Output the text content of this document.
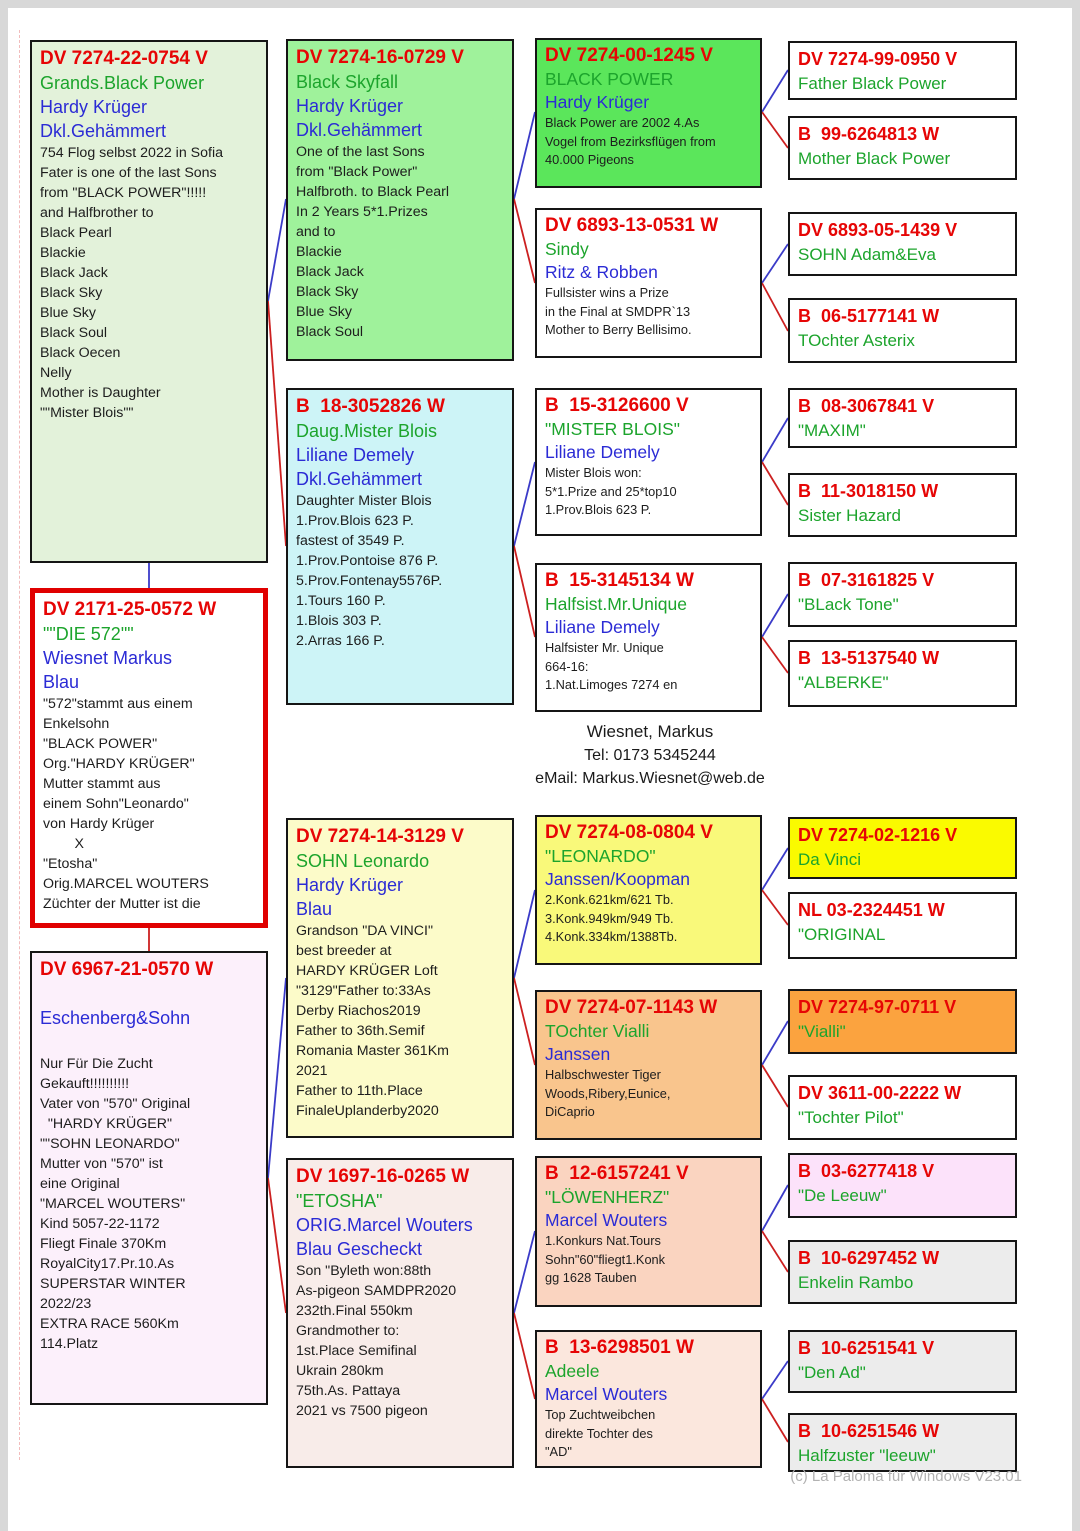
DV 7274-22-0754 V
Grands.Black Power
Hardy Krüger
Dkl.Gehämmert
754 Flog selbst 2022 in Sofia
Fater is one of the last Sons
from "BLACK POWER"!!!!!
and Halfbrother to
Black Pearl
Blackie
Black Jack
Black Sky
Blue Sky
Black Soul
Black Oecen
Nelly
Mother is Daughter
""Mister Blois""
DV 2171-25-0572 W
""DIE 572""
Wiesnet Markus
Blau
"572"stammt aus einem
Enkelsohn
"BLACK POWER"
Org."HARDY KRÜGER"
Mutter stammt aus
einem Sohn"Leonardo"
von Hardy Krüger
X
"Etosha"
Orig.MARCEL WOUTERS
Züchter der Mutter ist die
DV 6967-21-0570 W

Eschenberg&Sohn

Nur Für Die Zucht
Gekauft!!!!!!!!!!
Vater von "570" Original
"HARDY KRÜGER"
""SOHN LEONARDO"
Mutter von "570" ist
eine Original
"MARCEL WOUTERS"
Kind 5057-22-1172
Fliegt Finale 370Km
RoyalCity17.Pr.10.As
SUPERSTAR WINTER
2022/23
EXTRA RACE 560Km
114.Platz
DV 7274-16-0729 V
Black Skyfall
Hardy Krüger
Dkl.Gehämmert
One of the last Sons
from "Black Power"
Halfbroth. to Black Pearl
In 2 Years 5*1.Prizes
and to
Blackie
Black Jack
Black Sky
Blue Sky
Black Soul
B  18-3052826 W
Daug.Mister Blois
Liliane Demely
Dkl.Gehämmert
Daughter Mister Blois
1.Prov.Blois 623 P.
fastest of 3549 P.
1.Prov.Pontoise 876 P.
5.Prov.Fontenay5576P.
1.Tours 160 P.
1.Blois 303 P.
2.Arras 166 P.
DV 7274-14-3129 V
SOHN Leonardo
Hardy Krüger
Blau
Grandson "DA VINCI"
best breeder at
HARDY KRÜGER Loft
"3129"Father to:33As
Derby Riachos2019
Father to 36th.Semif
Romania Master 361Km
2021
Father to 11th.Place
FinaleUplanderby2020
DV 1697-16-0265 W
"ETOSHA"
ORIG.Marcel Wouters
Blau Gescheckt
Son "Byleth won:88th
As-pigeon SAMDPR2020
232th.Final 550km
Grandmother to:
1st.Place Semifinal
Ukrain 280km
75th.As. Pattaya
2021 vs 7500 pigeon
DV 7274-00-1245 V
BLACK POWER
Hardy Krüger
Black Power are 2002 4.As
Vogel from Bezirksflügen from
40.000 Pigeons
DV 6893-13-0531 W
Sindy
Ritz & Robben
Fullsister wins a Prize
in the Final at SMDPR`13
Mother to Berry Bellisimo.
B  15-3126600 V
"MISTER BLOIS"
Liliane Demely
Mister Blois won:
5*1.Prize and 25*top10
1.Prov.Blois 623 P.
B  15-3145134 W
Halfsist.Mr.Unique
Liliane Demely
Halfsister Mr. Unique
664-16:
1.Nat.Limoges 7274 en
DV 7274-08-0804 V
"LEONARDO"
Janssen/Koopman
2.Konk.621km/621 Tb.
3.Konk.949km/949 Tb.
4.Konk.334km/1388Tb.
DV 7274-07-1143 W
TOchter Vialli
Janssen
Halbschwester Tiger
Woods,Ribery,Eunice,
DiCaprio
B  12-6157241 V
"LÖWENHERZ"
Marcel Wouters
1.Konkurs Nat.Tours
Sohn"60"fliegt1.Konk
gg 1628 Tauben
B  13-6298501 W
Adeele
Marcel Wouters
Top Zuchtweibchen
direkte Tochter des
"AD"
DV 7274-99-0950 V
Father Black Power
B  99-6264813 W
Mother Black Power
DV 6893-05-1439 V
SOHN Adam&Eva
B  06-5177141 W
TOchter Asterix
B  08-3067841 V
"MAXIM"
B  11-3018150 W
Sister Hazard
B  07-3161825 V
"BLack Tone"
B  13-5137540 W
"ALBERKE"
DV 7274-02-1216 V
Da Vinci
NL 03-2324451 W
"ORIGINAL
DV 7274-97-0711 V
"Vialli"
DV 3611-00-2222 W
"Tochter Pilot"
B  03-6277418 V
"De Leeuw"
B  10-6297452 W
Enkelin Rambo
B  10-6251541 V
"Den Ad"
B  10-6251546 W
Halfzuster "leeuw"
Wiesnet, Markus
Tel: 0173 5345244
eMail: Markus.Wiesnet@web.de
(c) La Paloma für Windows V23.01
